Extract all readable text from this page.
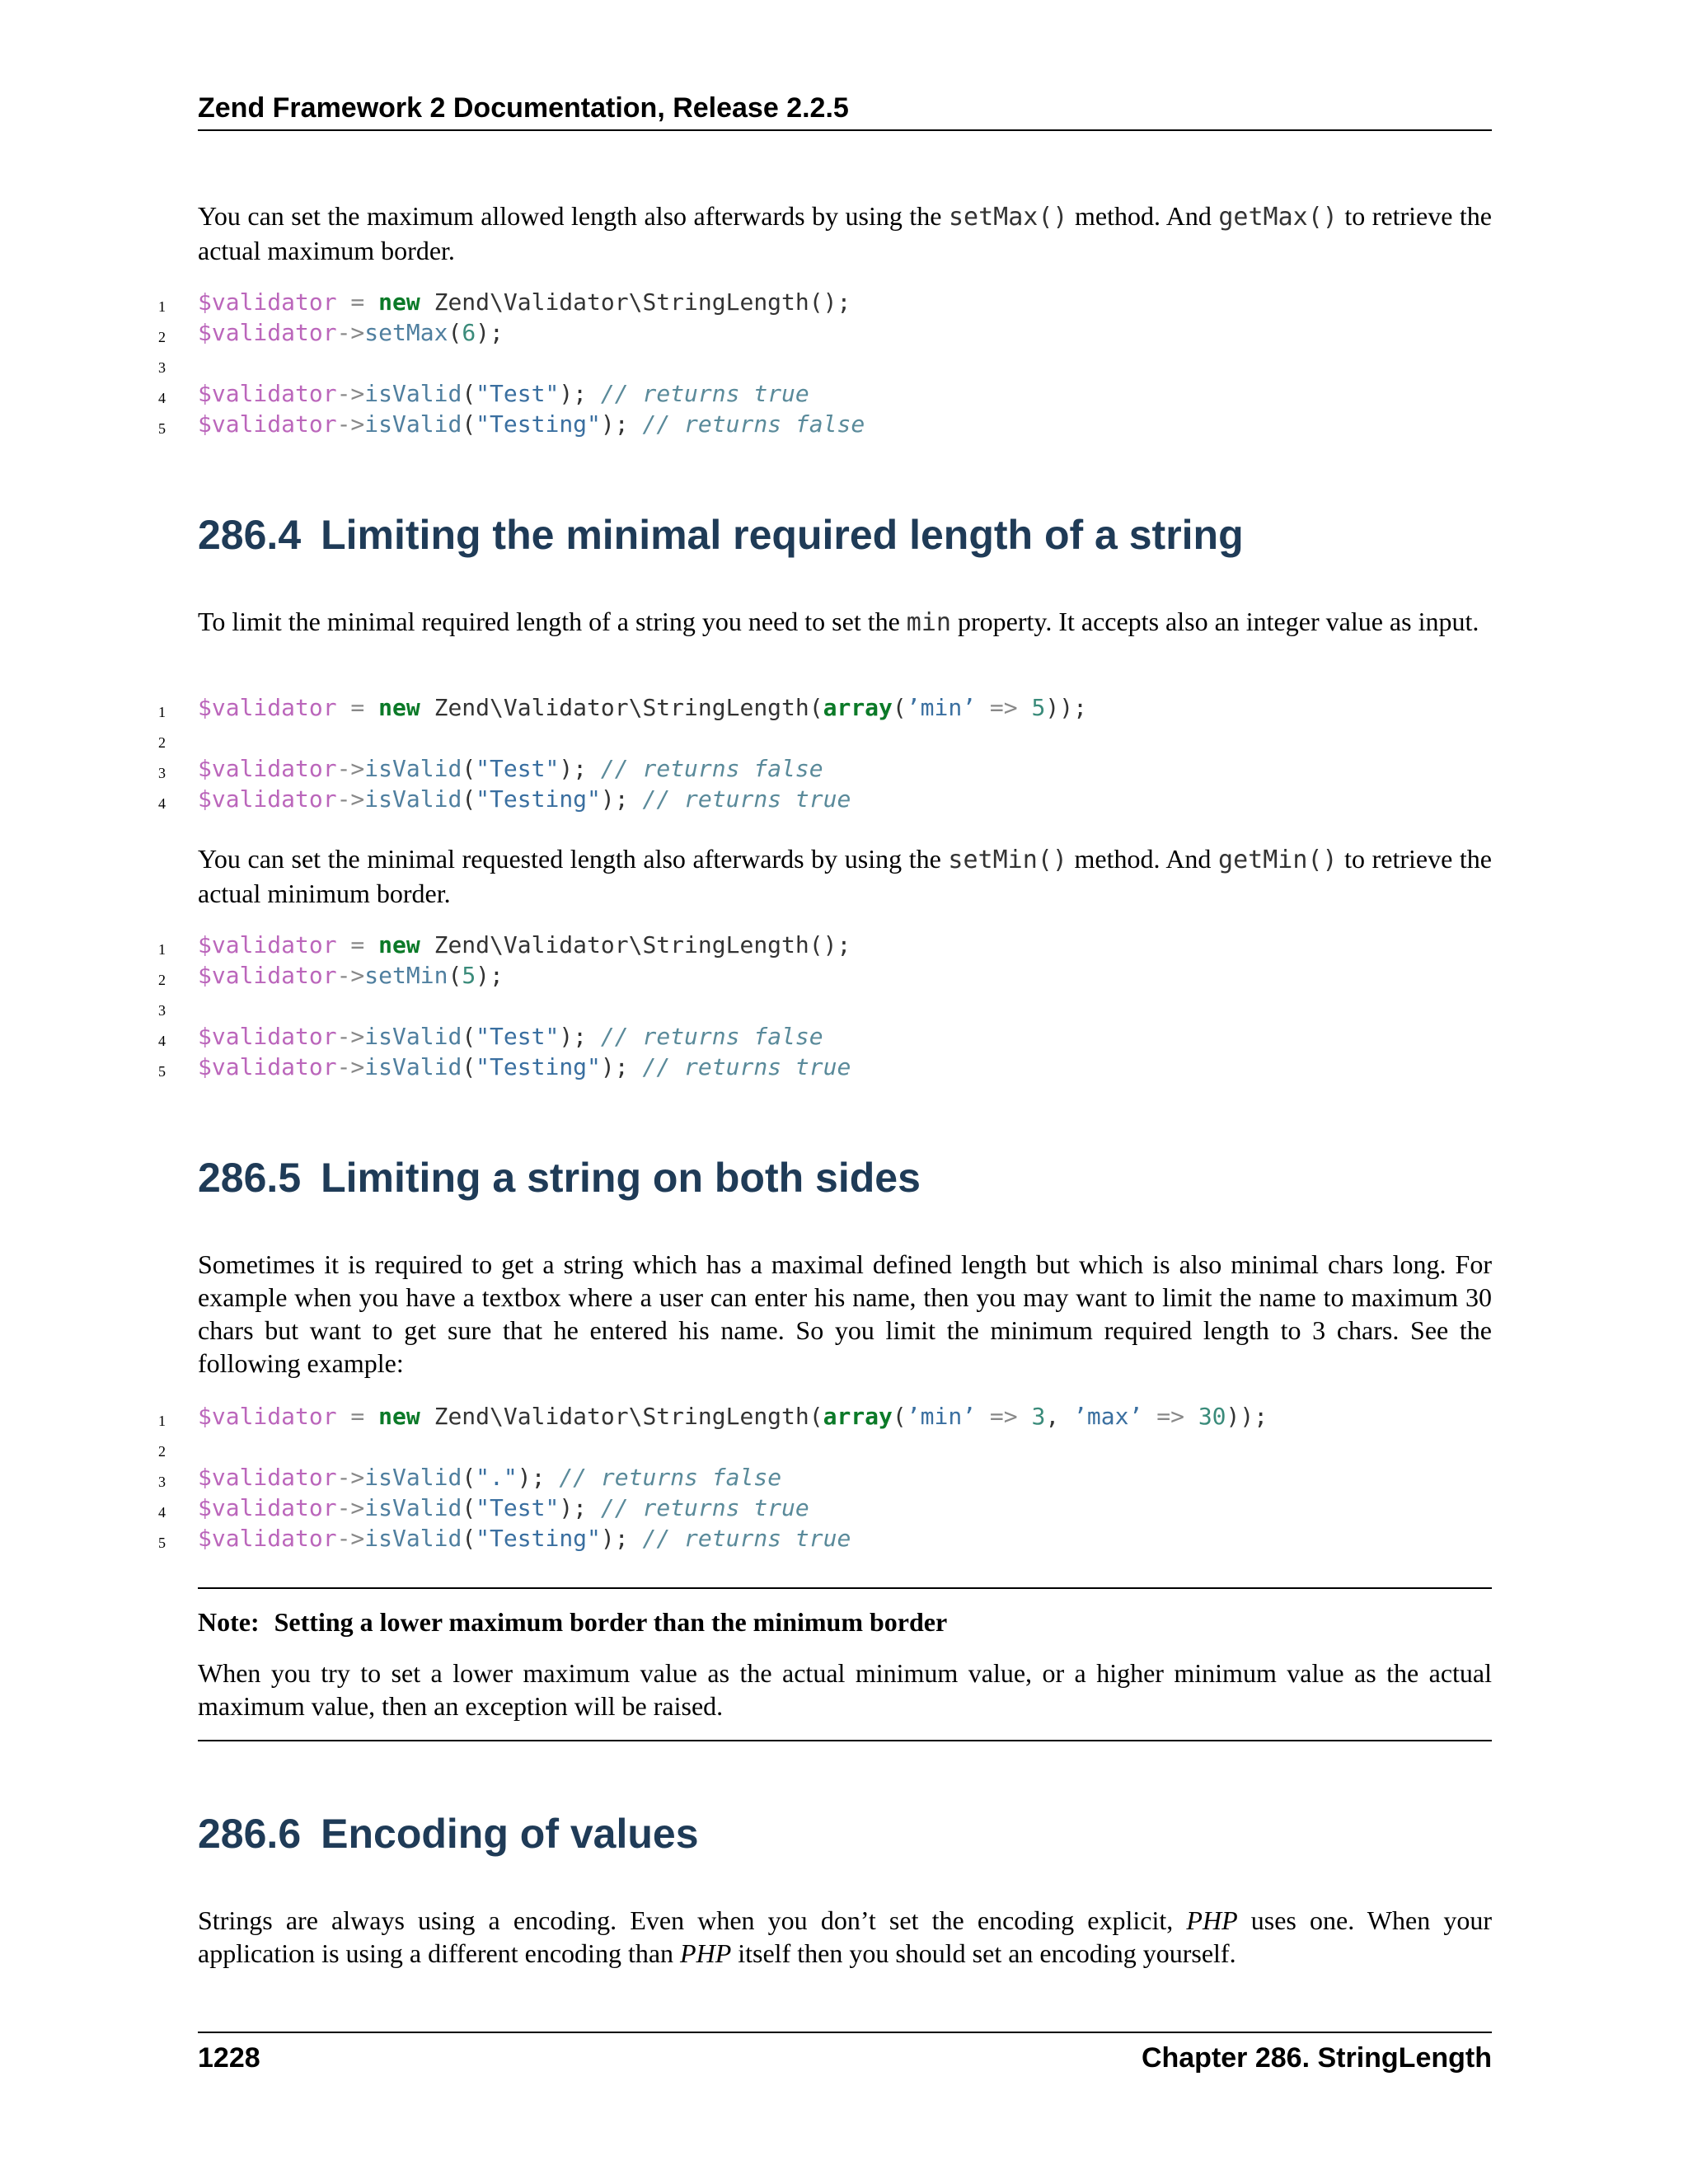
Zend Framework 2 Documentation, Release 2.2.5
You can set the maximum allowed length also afterwards by using the setMax() method. And getMax() to retrieve the actual maximum border.
1	$validator = new Zend\Validator\StringLength();
2	$validator->setMax(6);
3
4	$validator->isValid("Test"); // returns true
5	$validator->isValid("Testing"); // returns false
286.4 Limiting the minimal required length of a string
To limit the minimal required length of a string you need to set the min property. It accepts also an integer value as input.
1	$validator = new Zend\Validator\StringLength(array(’min’ => 5));
2
3	$validator->isValid("Test"); // returns false
4	$validator->isValid("Testing"); // returns true
You can set the minimal requested length also afterwards by using the setMin() method. And getMin() to retrieve the actual minimum border.
1	$validator = new Zend\Validator\StringLength();
2	$validator->setMin(5);
3
4	$validator->isValid("Test"); // returns false
5	$validator->isValid("Testing"); // returns true
286.5 Limiting a string on both sides
Sometimes it is required to get a string which has a maximal defined length but which is also minimal chars long. For example when you have a textbox where a user can enter his name, then you may want to limit the name to maximum 30 chars but want to get sure that he entered his name. So you limit the minimum required length to 3 chars. See the following example:
1	$validator = new Zend\Validator\StringLength(array(’min’ => 3, ’max’ => 30));
2
3	$validator->isValid("."); // returns false
4	$validator->isValid("Test"); // returns true
5	$validator->isValid("Testing"); // returns true
Note: Setting a lower maximum border than the minimum border
When you try to set a lower maximum value as the actual minimum value, or a higher minimum value as the actual maximum value, then an exception will be raised.
286.6 Encoding of values
Strings are always using a encoding. Even when you don’t set the encoding explicit, PHP uses one. When your application is using a different encoding than PHP itself then you should set an encoding yourself.
1228	Chapter 286. StringLength
